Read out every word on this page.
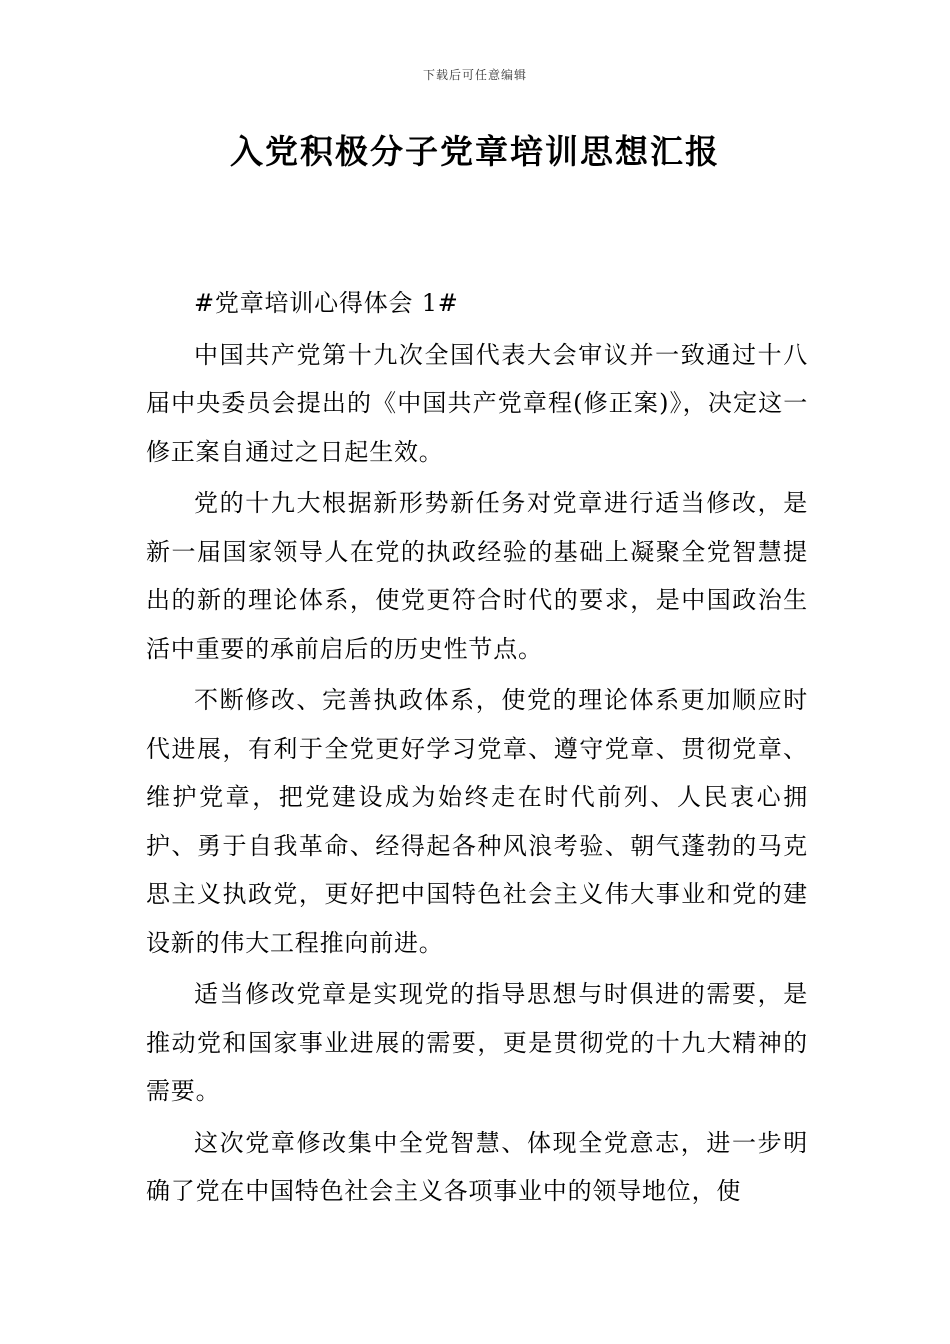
下载后可任意编辑
入党积极分子党章培训思想汇报

#党章培训心得体会 1#

中国共产党第十九次全国代表大会审议并一致通过十八届中央委员会提出的《中国共产党章程(修正案)》，决定这一修正案自通过之日起生效。

党的十九大根据新形势新任务对党章进行适当修改，是新一届国家领导人在党的执政经验的基础上凝聚全党智慧提出的新的理论体系，使党更符合时代的要求，是中国政治生活中重要的承前启后的历史性节点。

不断修改、完善执政体系，使党的理论体系更加顺应时代进展，有利于全党更好学习党章、遵守党章、贯彻党章、维护党章，把党建设成为始终走在时代前列、人民衷心拥护、勇于自我革命、经得起各种风浪考验、朝气蓬勃的马克思主义执政党，更好把中国特色社会主义伟大事业和党的建设新的伟大工程推向前进。

适当修改党章是实现党的指导思想与时俱进的需要，是推动党和国家事业进展的需要，更是贯彻党的十九大精神的需要。

这次党章修改集中全党智慧、体现全党意志，进一步明确了党在中国特色社会主义各项事业中的领导地位，使
